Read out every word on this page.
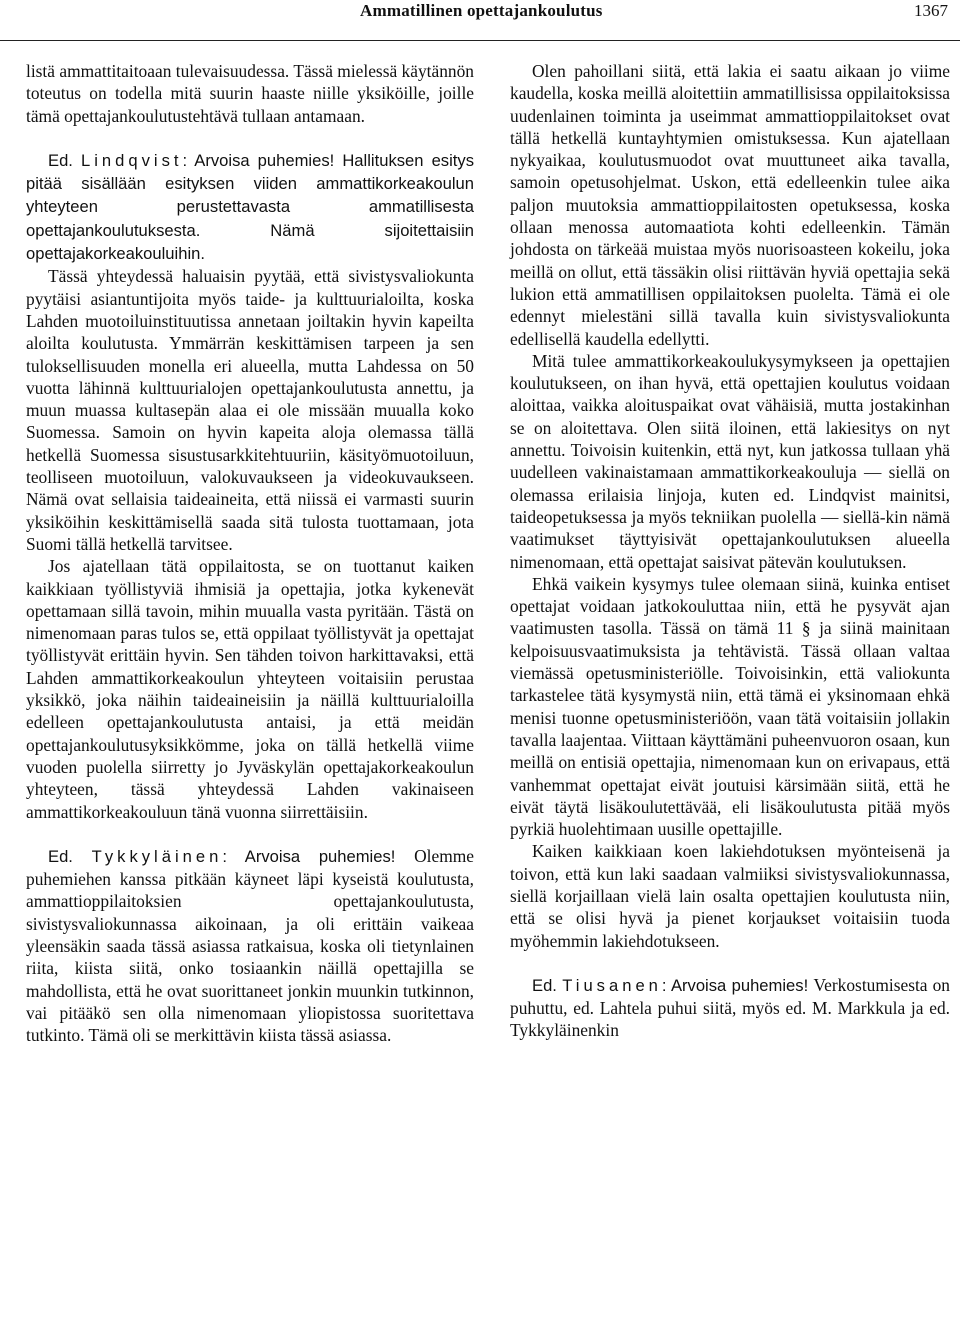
Ammatillinen opettajankoulutus	1367

listä ammattitaitoaan tulevaisuudessa. Tässä mielessä käytännön toteutus on todella mitä suurin haaste niille yksiköille, joille tämä opettajankoulutustehtävä tullaan antamaan.

Ed. Lindqvist: Arvoisa puhemies! Hallituksen esitys pitää sisällään esityksen viiden ammattikorkeakoulun yhteyteen perustettavasta ammatillisesta opettajankoulutuksesta. Nämä sijoitettaisiin opettajakorkeakouluihin.

Tässä yhteydessä haluaisin pyytää, että sivistysvaliokunta pyytäisi asiantuntijoita myös taide- ja kulttuurialoilta, koska Lahden muotoiluinstituutissa annetaan joiltakin hyvin kapeilta aloilta koulutusta. Ymmärrän keskittämisen tarpeen ja sen tuloksellisuuden monella eri alueella, mutta Lahdessa on 50 vuotta lähinnä kulttuurialojen opettajankoulutusta annettu, ja muun muassa kultasepän alaa ei ole missään muualla koko Suomessa. Samoin on hyvin kapeita aloja olemassa tällä hetkellä Suomessa sisustusarkkitehtuuriin, käsityömuotoiluun, teolliseen muotoiluun, valokuvaukseen ja videokuvaukseen. Nämä ovat sellaisia taideaineita, että niissä ei varmasti suurin yksiköihin keskittämisellä saada sitä tulosta tuottamaan, jota Suomi tällä hetkellä tarvitsee.

Jos ajatellaan tätä oppilaitosta, se on tuottanut kaiken kaikkiaan työllistyviä ihmisiä ja opettajia, jotka kykenevät opettamaan sillä tavoin, mihin muualla vasta pyritään. Tästä on nimenomaan paras tulos se, että oppilaat työllistyvät ja opettajat työllistyvät erittäin hyvin. Sen tähden toivon harkittavaksi, että Lahden ammattikorkeakoulun yhteyteen voitaisiin perustaa yksikkö, joka näihin taideaineisiin ja näillä kulttuurialoilla edelleen opettajankoulutusta antaisi, ja että meidän opettajankoulutusyksikkömme, joka on tällä hetkellä viime vuoden puolella siirretty jo Jyväskylän opettajakorkeakoulun yhteyteen, tässä yhteydessä Lahden vakinaiseen ammattikorkeakouluun tänä vuonna siirrettäisiin.

Ed. Tykkyläinen: Arvoisa puhemies! Olemme puhemiehen kanssa pitkään käyneet läpi kyseistä koulutusta, ammattioppilaitoksien opettajankoulutusta, sivistysvaliokunnassa aikoinaan, ja oli erittäin vaikeaa yleensäkin saada tässä asiassa ratkaisua, koska oli tietynlainen riita, kiista siitä, onko tosiaankin näillä opettajilla se mahdollista, että he ovat suorittaneet jonkin muunkin tutkinnon, vai pitääkö sen olla nimenomaan yliopistossa suoritettava tutkinto. Tämä oli se merkittävin kiista tässä asiassa.

Olen pahoillani siitä, että lakia ei saatu aikaan jo viime kaudella, koska meillä aloitettiin ammatillisissa oppilaitoksissa uudenlainen toiminta ja useimmat ammattioppilaitokset ovat tällä hetkellä kuntayhtymien omistuksessa. Kun ajatellaan nykyaikaa, koulutusmuodot ovat muuttuneet aika tavalla, samoin opetusohjelmat. Uskon, että edelleenkin tulee aika paljon muutoksia ammattioppilaitosten opetuksessa, koska ollaan menossa automaatiota kohti edelleenkin. Tämän johdosta on tärkeää muistaa myös nuorisoasteen kokeilu, joka meillä on ollut, että tässäkin olisi riittävän hyviä opettajia sekä lukion että ammatillisen oppilaitoksen puolelta. Tämä ei ole edennyt mielestäni sillä tavalla kuin sivistysvaliokunta edellisellä kaudella edellytti.

Mitä tulee ammattikorkeakoulukysymykseen ja opettajien koulutukseen, on ihan hyvä, että opettajien koulutus voidaan aloittaa, vaikka aloituspaikat ovat vähäisiä, mutta jostakinhan se on aloitettava. Olen siitä iloinen, että lakiesitys on nyt annettu. Toivoisin kuitenkin, että nyt, kun jatkossa tullaan yhä uudelleen vakinaistamaan ammattikorkeakouluja — siellä on olemassa erilaisia linjoja, kuten ed. Lindqvist mainitsi, taideopetuksessa ja myös tekniikan puolella — siellä-kin nämä vaatimukset täyttyisivät opettajankoulutuksen alueella nimenomaan, että opettajat saisivat pätevän koulutuksen.

Ehkä vaikein kysymys tulee olemaan siinä, kuinka entiset opettajat voidaan jatkokouluttaa niin, että he pysyvät ajan vaatimusten tasolla. Tässä on tämä 11 § ja siinä mainitaan kelpoisuusvaatimuksista ja tehtävistä. Tässä ollaan valtaa viemässä opetusministeriölle. Toivoisinkin, että valiokunta tarkastelee tätä kysymystä niin, että tämä ei yksinomaan ehkä menisi tuonne opetusministeriöön, vaan tätä voitaisiin jollakin tavalla laajentaa. Viittaan käyttämäni puheenvuoron osaan, kun meillä on entisiä opettajia, nimenomaan kun on erivapaus, että vanhemmat opettajat eivät joutuisi kärsimään siitä, että he eivät täytä lisäkoulutettävää, eli lisäkoulutusta pitää myös pyrkiä huolehtimaan uusille opettajille.

Kaiken kaikkiaan koen lakiehdotuksen myönteisenä ja toivon, että kun laki saadaan valmiiksi sivistysvaliokunnassa, siellä korjaillaan vielä lain osalta opettajien koulutusta niin, että se olisi hyvä ja pienet korjaukset voitaisiin tuoda myöhemmin lakiehdotukseen.

Ed. Tiusanen: Arvoisa puhemies! Verkostumisesta on puhuttu, ed. Lahtela puhui siitä, myös ed. M. Markkula ja ed. Tykkyläinenkin
